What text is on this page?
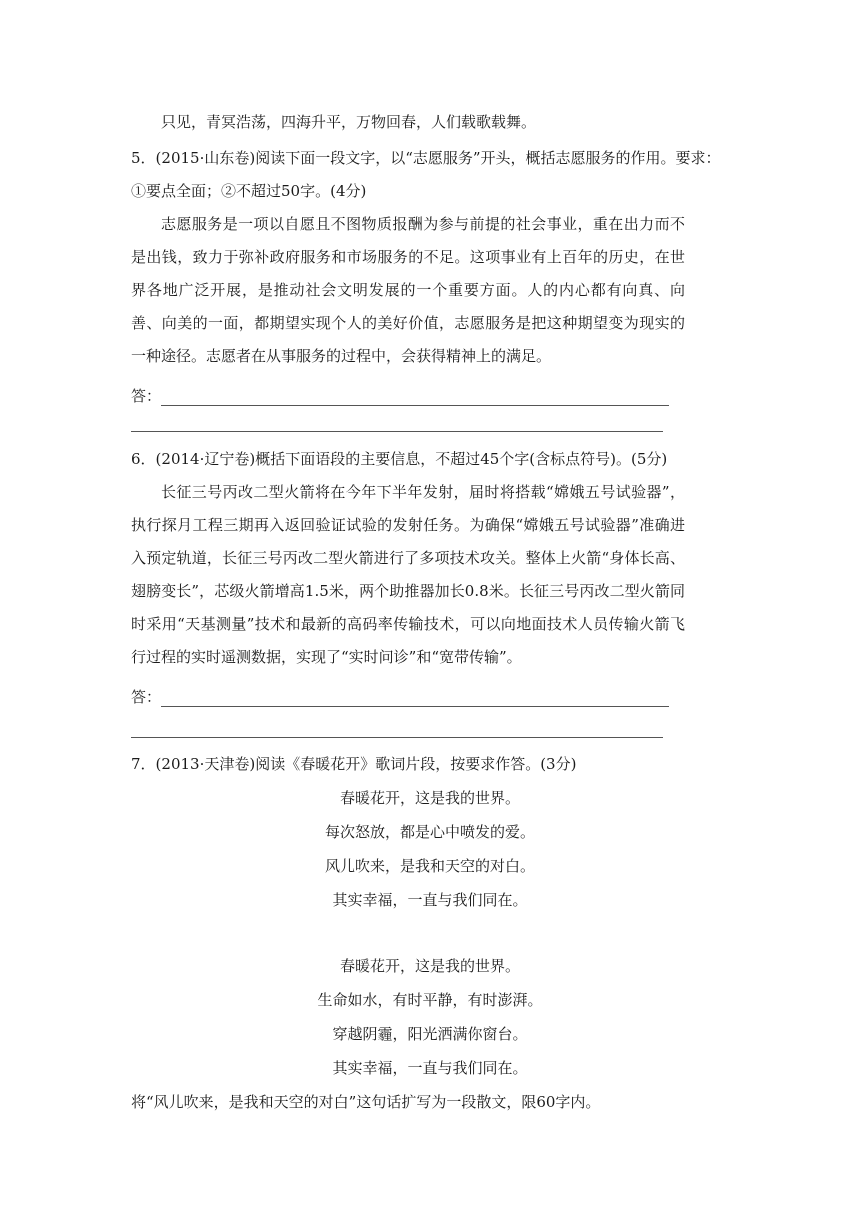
只见，青冥浩荡，四海升平，万物回春，人们载歌载舞。
5．(2015·山东卷)阅读下面一段文字，以“志愿服务”开头，概括志愿服务的作用。要求：
①要点全面；②不超过50字。(4分)
志愿服务是一项以自愿且不图物质报酬为参与前提的社会事业，重在出力而不是出钱，致力于弥补政府服务和市场服务的不足。这项事业有上百年的历史，在世界各地广泛开展，是推动社会文明发展的一个重要方面。人的内心都有向真、向善、向美的一面，都期望实现个人的美好价值，志愿服务是把这种期望变为现实的一种途径。志愿者在从事服务的过程中，会获得精神上的满足。
答：
6．(2014·辽宁卷)概括下面语段的主要信息，不超过45个字(含标点符号)。(5分)
长征三号丙改二型火箭将在今年下半年发射，届时将搭载“嫦娥五号试验器”，执行探月工程三期再入返回验证试验的发射任务。为确保“嫦娥五号试验器”准确进入预定轨道，长征三号丙改二型火箭进行了多项技术攻关。整体上火箭“身体长高、翅膀变长”，芯级火箭增高1.5米，两个助推器加长0.8米。长征三号丙改二型火箭同时采用“天基测量”技术和最新的高码率传输技术，可以向地面技术人员传输火箭飞行过程的实时遥测数据，实现了“实时问诊”和“宽带传输”。
答：
7．(2013·天津卷)阅读《春暖花开》歌词片段，按要求作答。(3分)
春暖花开，这是我的世界。
每次怒放，都是心中喷发的爱。
风儿吹来，是我和天空的对白。
其实幸福，一直与我们同在。
春暖花开，这是我的世界。
生命如水，有时平静，有时澎湃。
穿越阴霾，阳光洒满你窗台。
其实幸福，一直与我们同在。
将“风儿吹来，是我和天空的对白”这句话扩写为一段散文，限60字内。
